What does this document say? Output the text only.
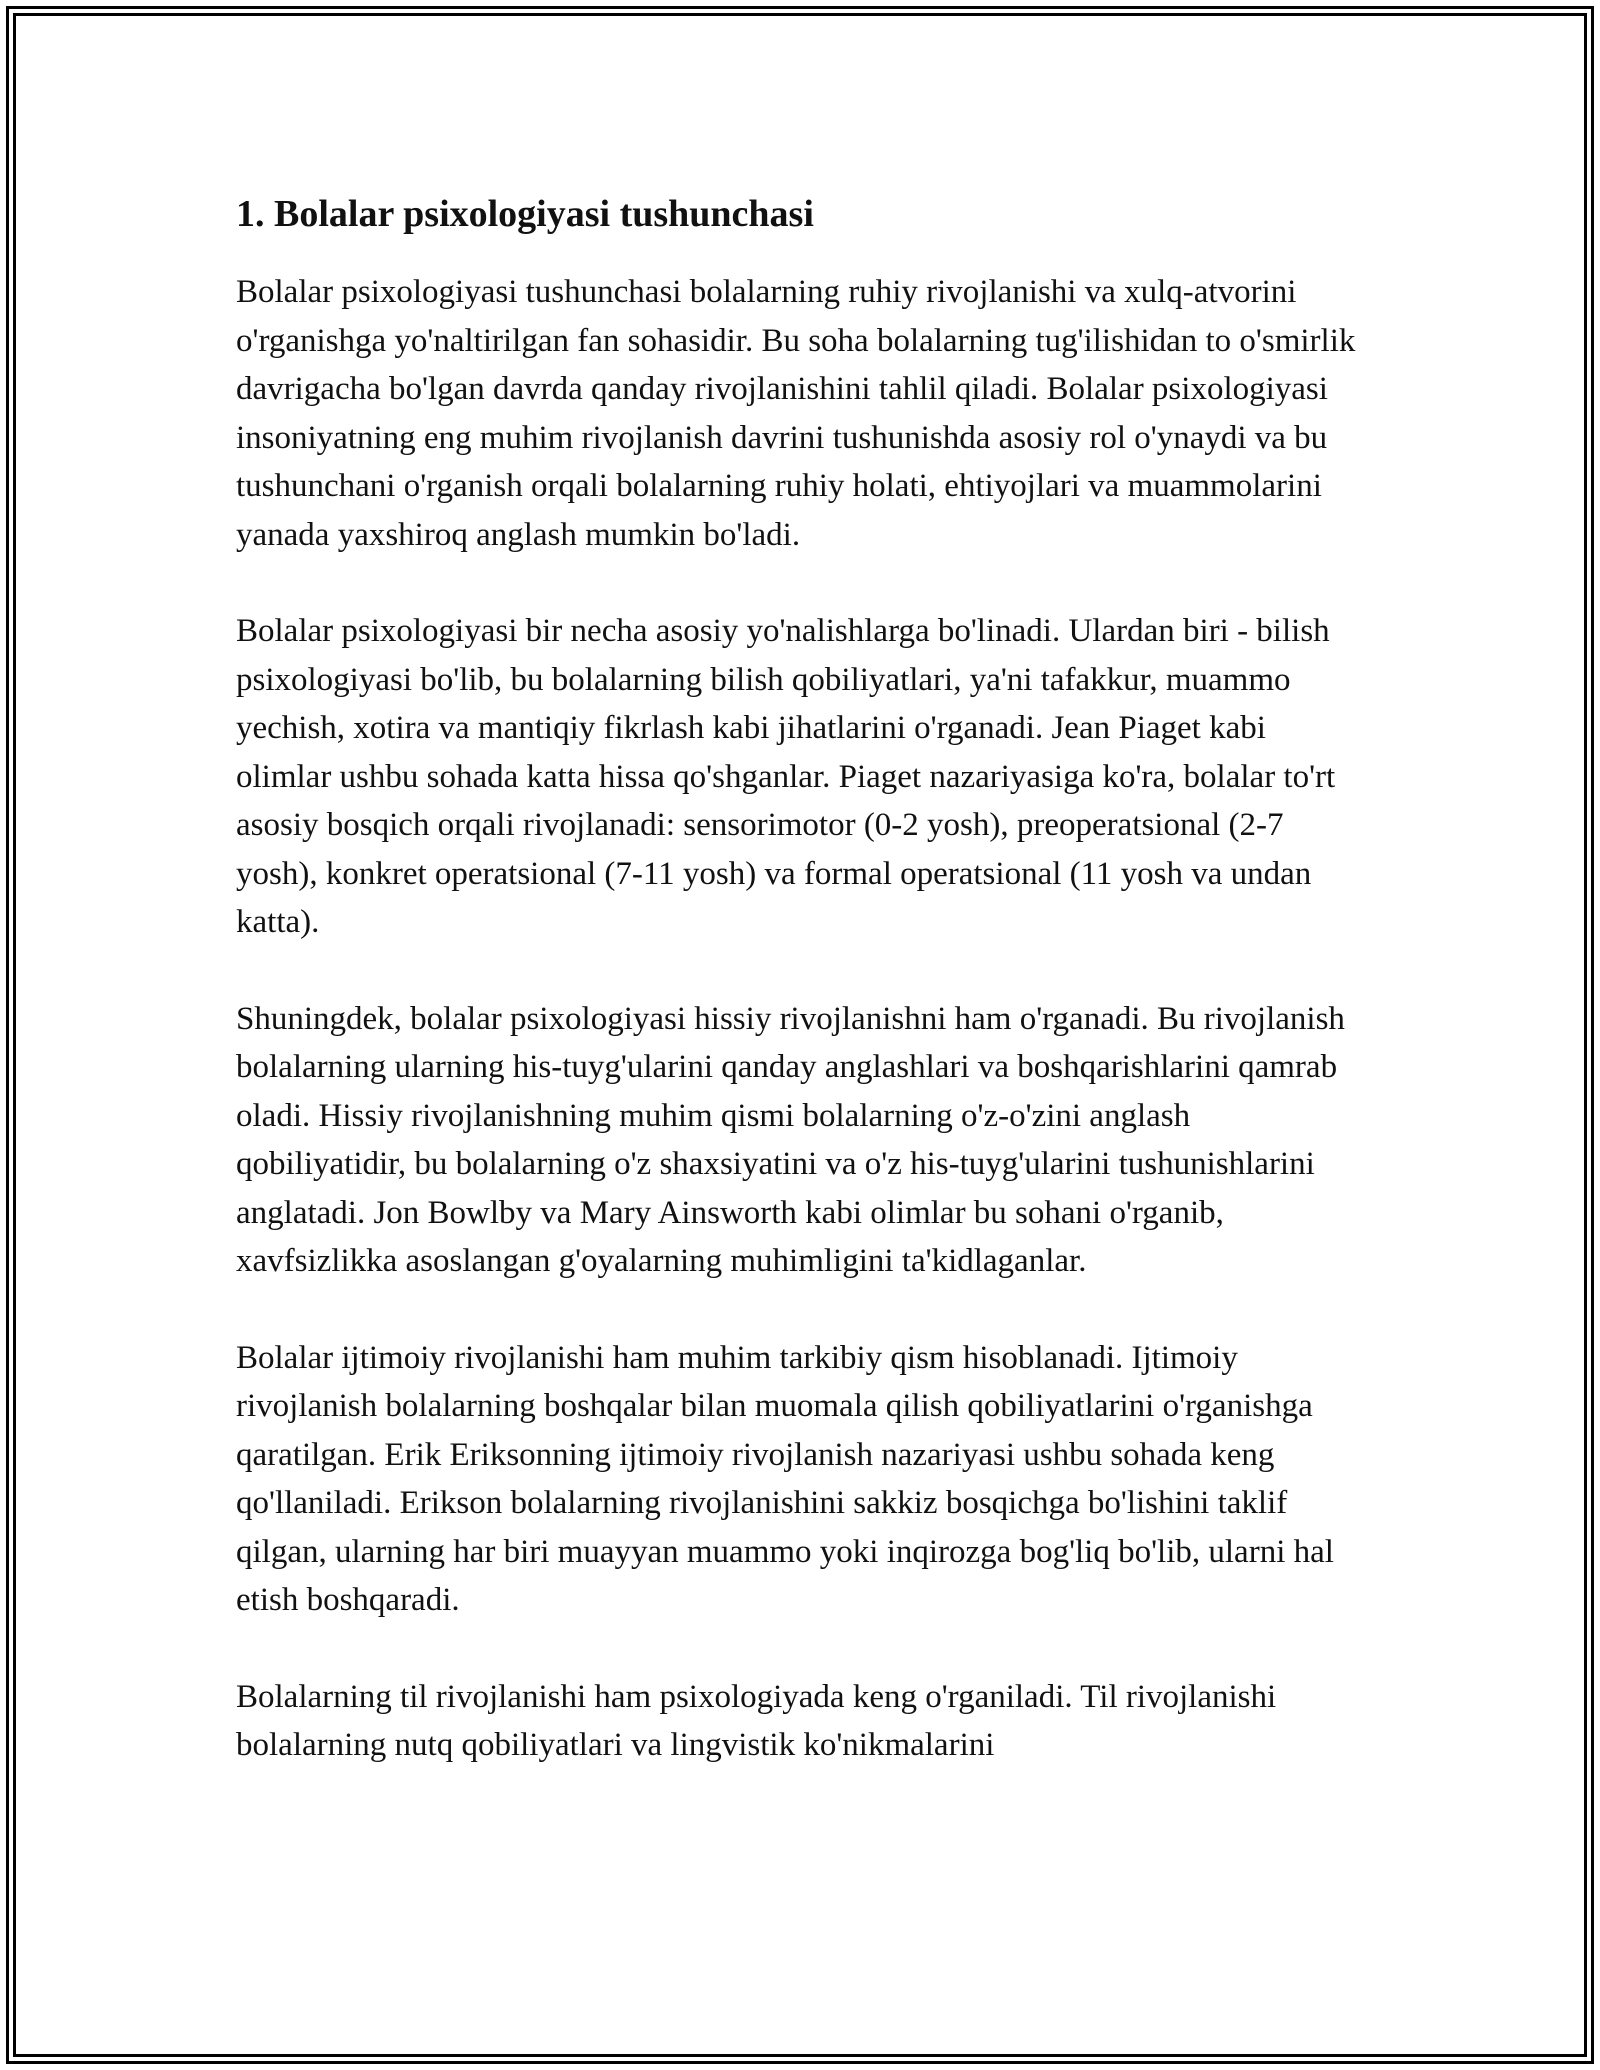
1. Bolalar psixologiyasi tushunchasi

Bolalar psixologiyasi tushunchasi bolalarning ruhiy rivojlanishi va xulq-atvorini o'rganishga yo'naltirilgan fan sohasidir. Bu soha bolalarning tug'ilishidan to o'smirlik davrigacha bo'lgan davrda qanday rivojlanishini tahlil qiladi. Bolalar psixologiyasi insoniyatning eng muhim rivojlanish davrini tushunishda asosiy rol o'ynaydi va bu tushunchani o'rganish orqali bolalarning ruhiy holati, ehtiyojlari va muammolarini yanada yaxshiroq anglash mumkin bo'ladi.

Bolalar psixologiyasi bir necha asosiy yo'nalishlarga bo'linadi. Ulardan biri - bilish psixologiyasi bo'lib, bu bolalarning bilish qobiliyatlari, ya'ni tafakkur, muammo yechish, xotira va mantiqiy fikrlash kabi jihatlarini o'rganadi. Jean Piaget kabi olimlar ushbu sohada katta hissa qo'shganlar. Piaget nazariyasiga ko'ra, bolalar to'rt asosiy bosqich orqali rivojlanadi: sensorimotor (0-2 yosh), preoperatsional (2-7 yosh), konkret operatsional (7-11 yosh) va formal operatsional (11 yosh va undan katta).

Shuningdek, bolalar psixologiyasi hissiy rivojlanishni ham o'rganadi. Bu rivojlanish bolalarning ularning his-tuyg'ularini qanday anglashlari va boshqarishlarini qamrab oladi. Hissiy rivojlanishning muhim qismi bolalarning o'z-o'zini anglash qobiliyatidir, bu bolalarning o'z shaxsiyatini va o'z his-tuyg'ularini tushunishlarini anglatadi. Jon Bowlby va Mary Ainsworth kabi olimlar bu sohani o'rganib, xavfsizlikka asoslangan g'oyalarning muhimligini ta'kidlaganlar.

Bolalar ijtimoiy rivojlanishi ham muhim tarkibiy qism hisoblanadi. Ijtimoiy rivojlanish bolalarning boshqalar bilan muomala qilish qobiliyatlarini o'rganishga qaratilgan. Erik Eriksonning ijtimoiy rivojlanish nazariyasi ushbu sohada keng qo'llaniladi. Erikson bolalarning rivojlanishini sakkiz bosqichga bo'lishini taklif qilgan, ularning har biri muayyan muammo yoki inqirozga bog'liq bo'lib, ularni hal etish boshqaradi.

Bolalarning til rivojlanishi ham psixologiyada keng o'rganiladi. Til rivojlanishi bolalarning nutq qobiliyatlari va lingvistik ko'nikmalarini
